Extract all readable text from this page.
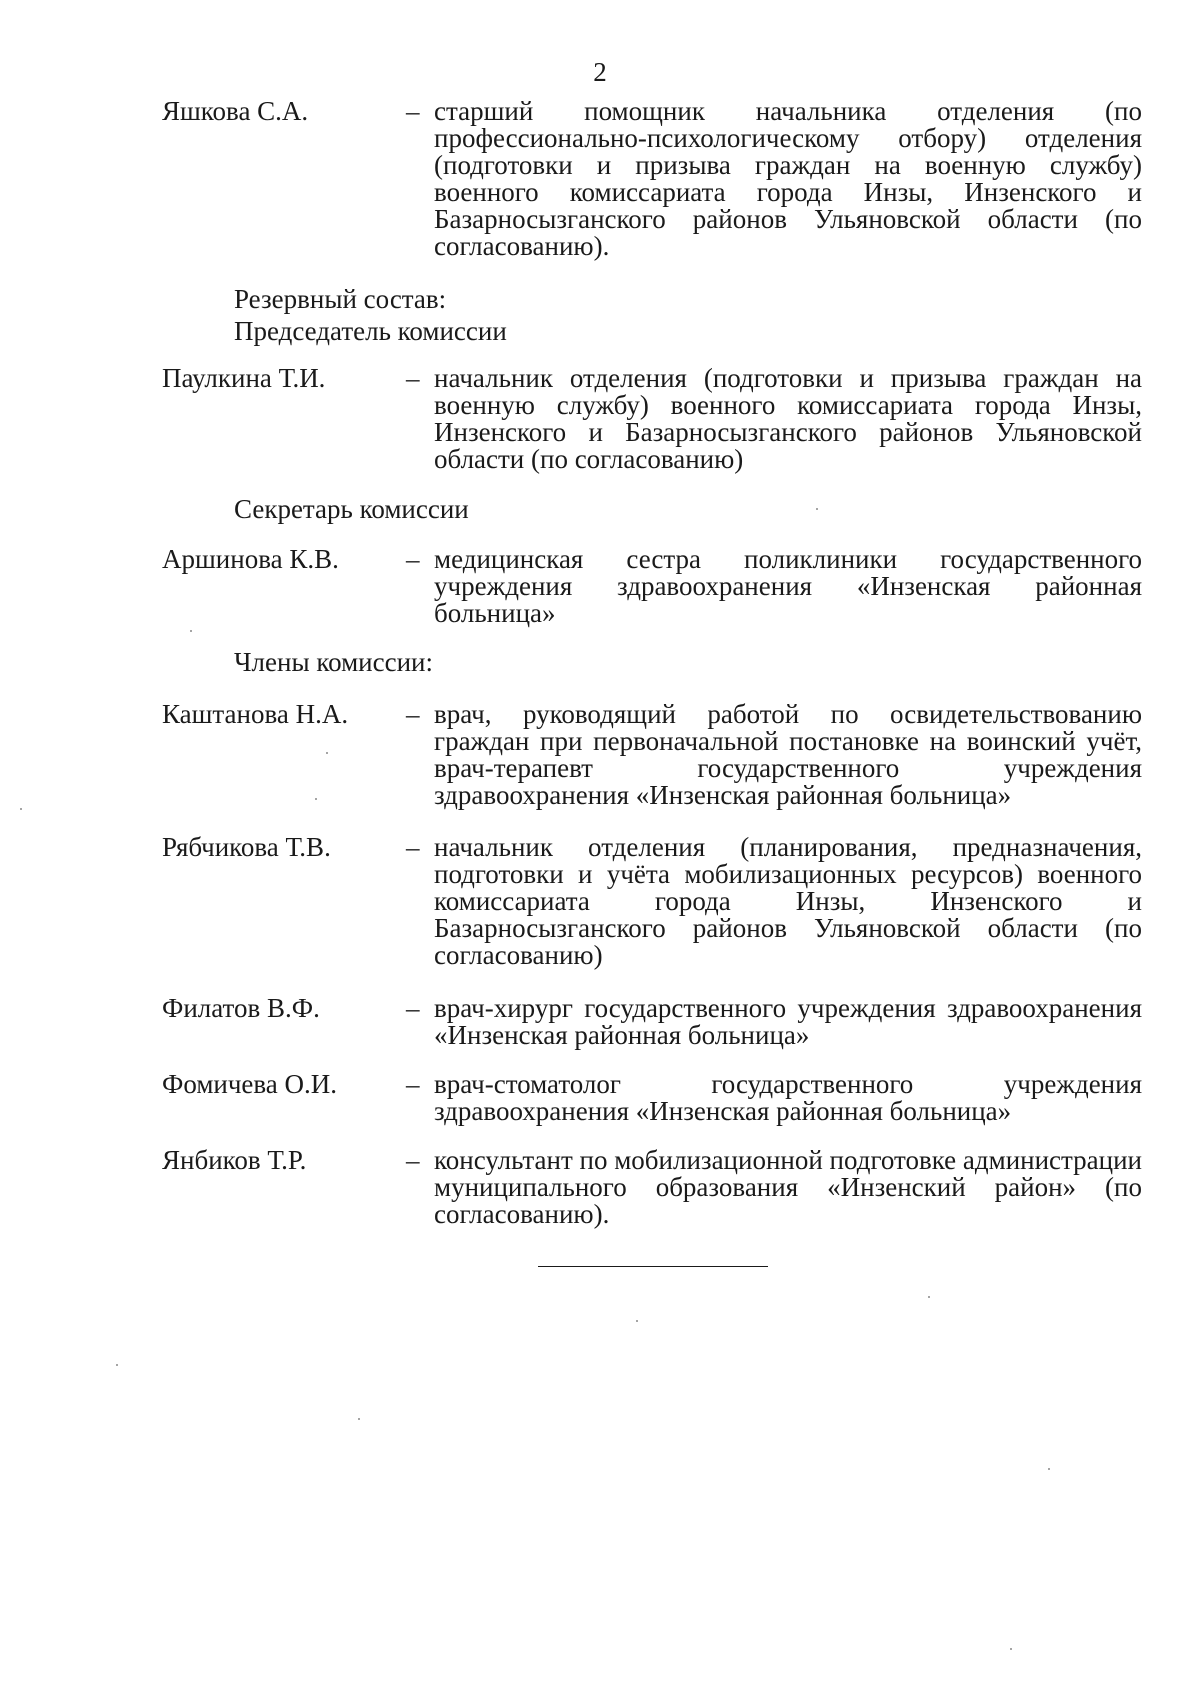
2
Яшкова С.А.	– старший помощник начальника отделения (по профессионально-психологическому отбору) отделения (подготовки и призыва граждан на военную службу) военного комиссариата города Инзы, Инзенского и Базарносызганского районов Ульяновской области (по согласованию).
Резервный состав:
Председатель комиссии
Паулкина Т.И.	– начальник отделения (подготовки и призыва граждан на военную службу) военного комиссариата города Инзы, Инзенского и Базарносызганского районов Ульяновской области (по согласованию)
Секретарь комиссии
Аршинова К.В.	– медицинская сестра поликлиники государственного учреждения здравоохранения «Инзенская районная больница»
Члены комиссии:
Каштанова Н.А.	– врач, руководящий работой по освидетельствованию граждан при первоначальной постановке на воинский учёт, врач-терапевт государственного учреждения здравоохранения «Инзенская районная больница»
Рябчикова Т.В.	– начальник отделения (планирования, предназначения, подготовки и учёта мобилизационных ресурсов) военного комиссариата города Инзы, Инзенского и Базарносызганского районов Ульяновской области (по согласованию)
Филатов В.Ф.	– врач-хирург государственного учреждения здравоохранения «Инзенская районная больница»
Фомичева О.И.	– врач-стоматолог государственного учреждения здравоохранения «Инзенская районная больница»
Янбиков Т.Р.	– консультант по мобилизационной подготовке администрации муниципального образования «Инзенский район» (по согласованию).
